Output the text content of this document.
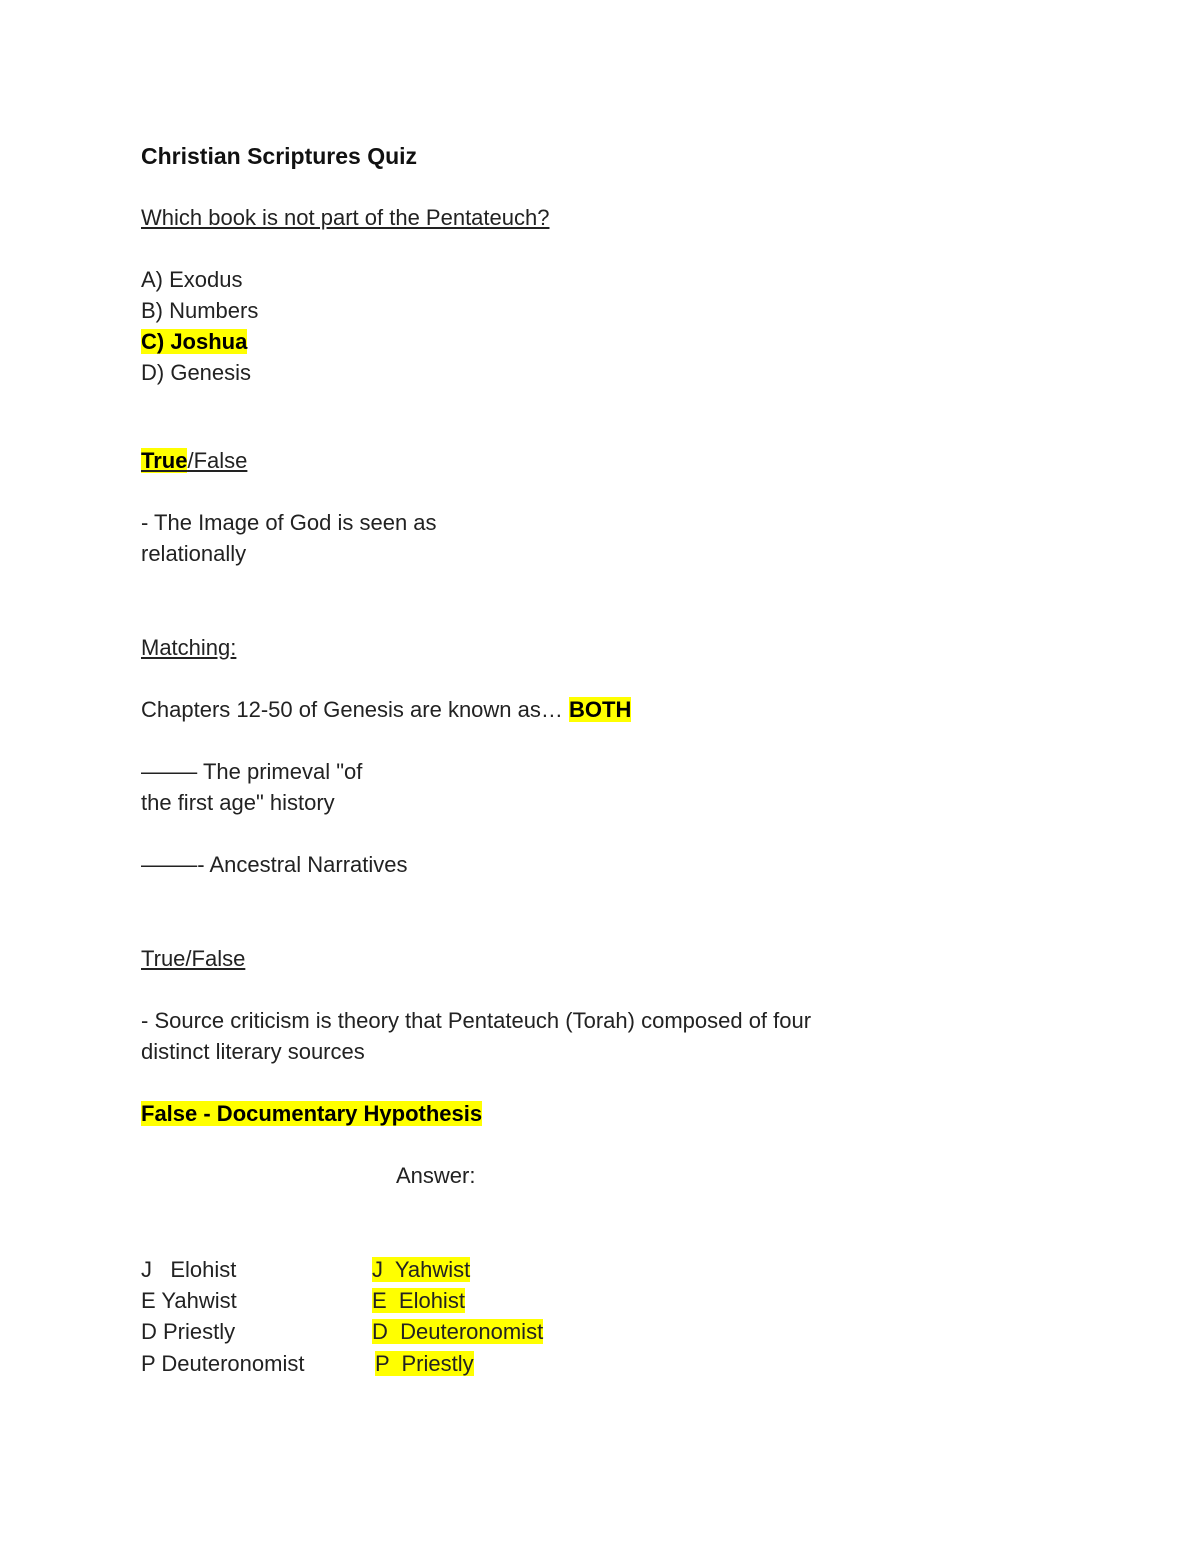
Christian Scriptures Quiz
Which book is not part of the Pentateuch?
A) Exodus
B) Numbers
C) Joshua
D) Genesis
True/False
- The Image of God is seen as
relationally
Matching:
Chapters 12-50 of Genesis are known as… BOTH
——– The primeval "of
the first age" history
——–- Ancestral Narratives
True/False
- Source criticism is theory that Pentateuch (Torah) composed of four
distinct literary sources
False - Documentary Hypothesis
Answer:
J   Elohist
E Yahwist
D Priestly
P Deuteronomist
J  Yahwist
E  Elohist
D  Deuteronomist
P  Priestly
